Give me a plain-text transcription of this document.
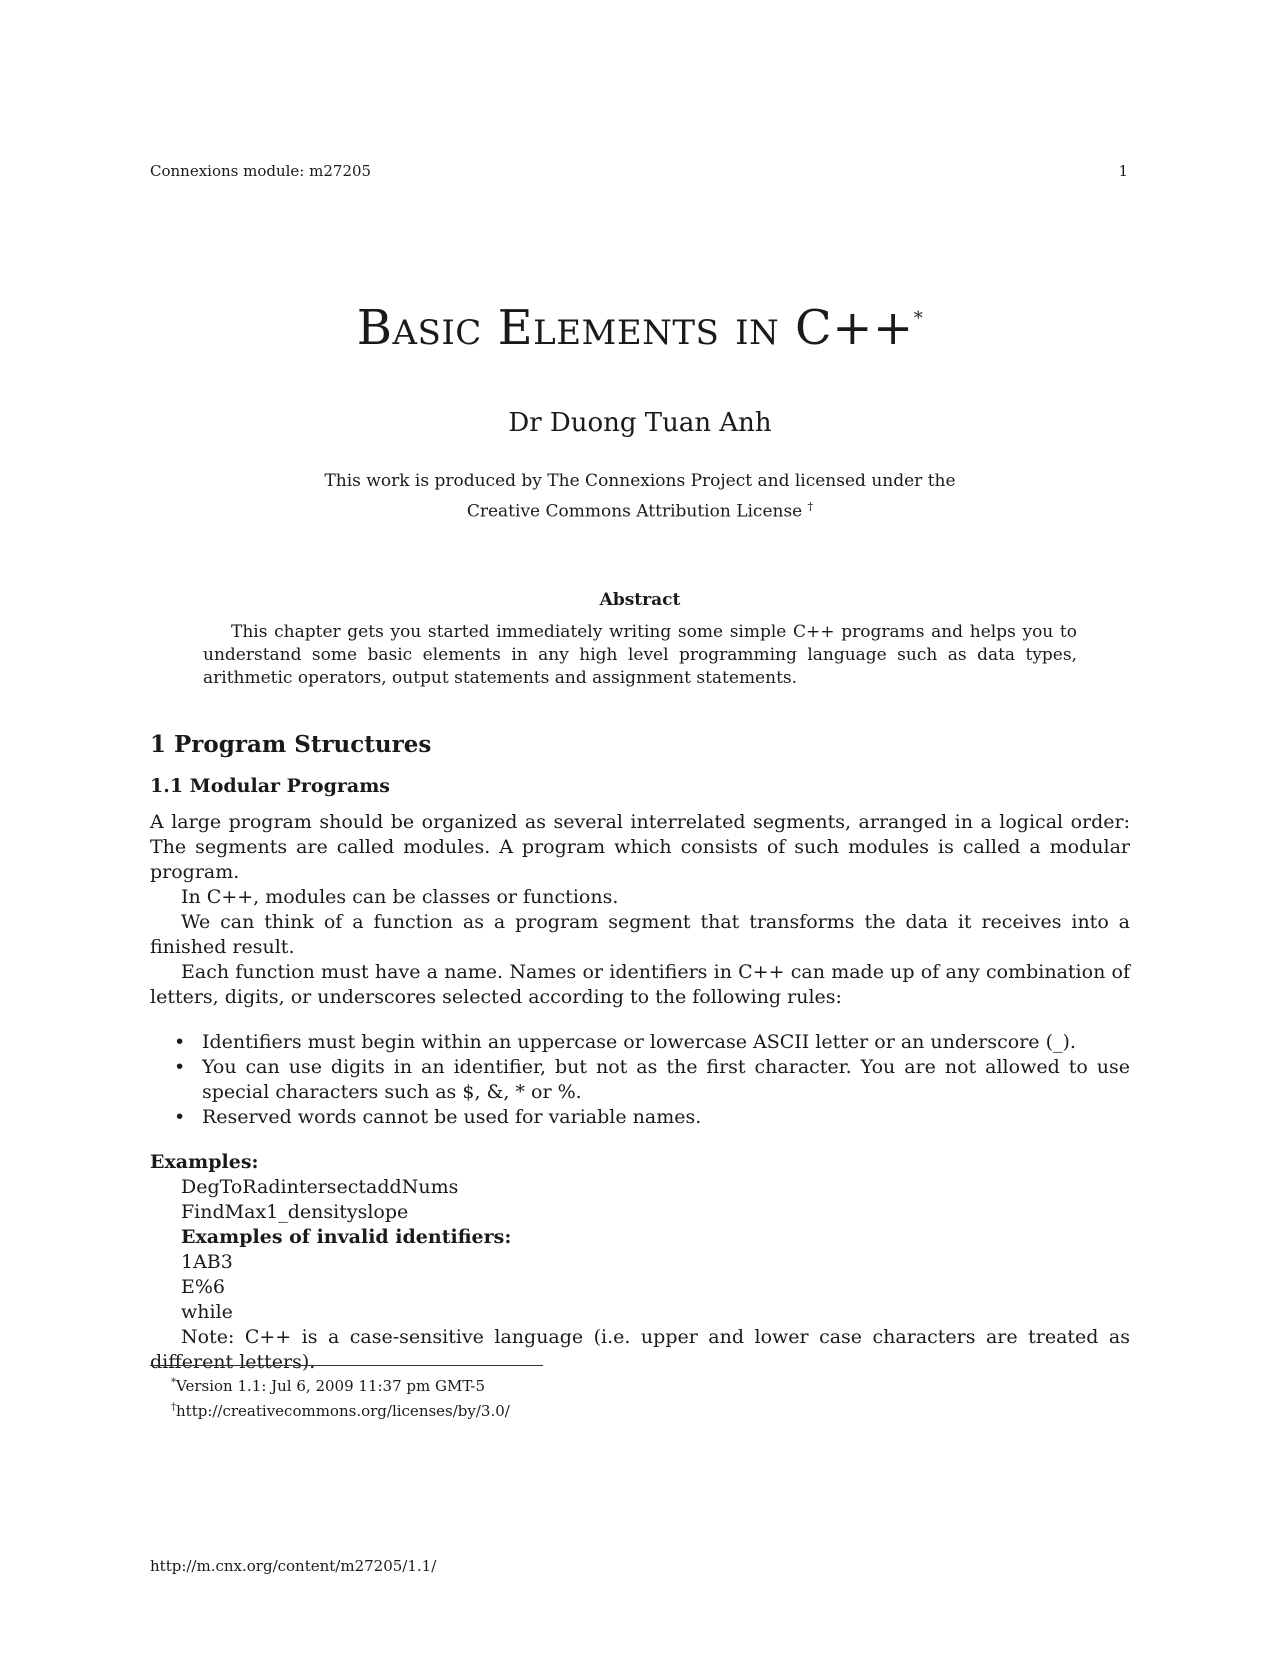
Connexions module: m27205	1
Basic Elements in C++*
Dr Duong Tuan Anh
This work is produced by The Connexions Project and licensed under the
Creative Commons Attribution License †
Abstract
This chapter gets you started immediately writing some simple C++ programs and helps you to understand some basic elements in any high level programming language such as data types, arithmetic operators, output statements and assignment statements.
1 Program Structures
1.1 Modular Programs

A large program should be organized as several interrelated segments, arranged in a logical order: The segments are called modules. A program which consists of such modules is called a modular program.

In C++, modules can be classes or functions.

We can think of a function as a program segment that transforms the data it receives into a finished result.

Each function must have a name. Names or identifiers in C++ can made up of any combination of letters, digits, or underscores selected according to the following rules:

• Identifiers must begin within an uppercase or lowercase ASCII letter or an underscore (_).
• You can use digits in an identifier, but not as the first character. You are not allowed to use special characters such as $, &, * or %.
• Reserved words cannot be used for variable names.

Examples:

DegToRadintersectaddNums
FindMax1_densityslope
Examples of invalid identifiers:
1AB3
E%6
while

Note: C++ is a case-sensitive language (i.e. upper and lower case characters are treated as different letters).

*Version 1.1: Jul 6, 2009 11:37 pm GMT-5
†http://creativecommons.org/licenses/by/3.0/
http://m.cnx.org/content/m27205/1.1/
